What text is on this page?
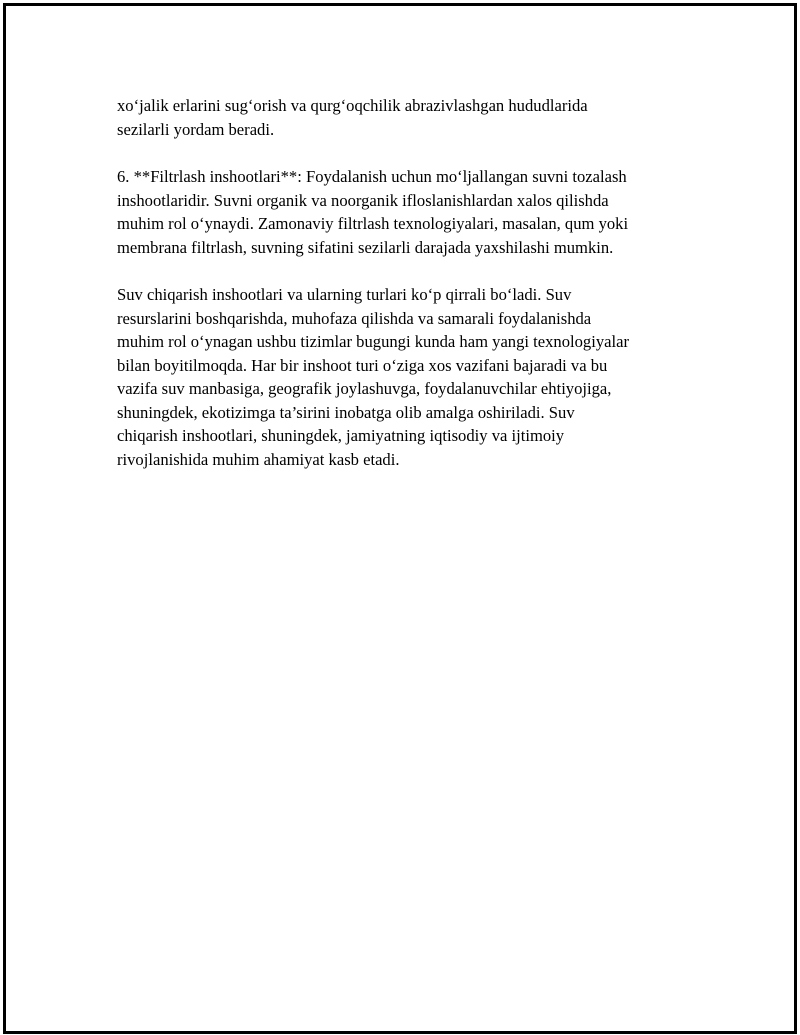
xo‘jalik erlarini sug‘orish va qurg‘oqchilik abrazivlashgan hududlarida
sezilarli yordam beradi.

6. **Filtrlash inshootlari**: Foydalanish uchun mo‘ljallangan suvni tozalash
inshootlaridir. Suvni organik va noorganik ifloslanishlardan xalos qilishda
muhim rol o‘ynaydi. Zamonaviy filtrlash texnologiyalari, masalan, qum yoki
membrana filtrlash, suvning sifatini sezilarli darajada yaxshilashi mumkin.

Suv chiqarish inshootlari va ularning turlari ko‘p qirrali bo‘ladi. Suv
resurslarini boshqarishda, muhofaza qilishda va samarali foydalanishda
muhim rol o‘ynagan ushbu tizimlar bugungi kunda ham yangi texnologiyalar
bilan boyitilmoqda. Har bir inshoot turi o‘ziga xos vazifani bajaradi va bu
vazifa suv manbasiga, geografik joylashuvga, foydalanuvchilar ehtiyojiga,
shuningdek, ekotizimga ta’sirini inobatga olib amalga oshiriladi. Suv
chiqarish inshootlari, shuningdek, jamiyatning iqtisodiy va ijtimoiy
rivojlanishida muhim ahamiyat kasb etadi.
